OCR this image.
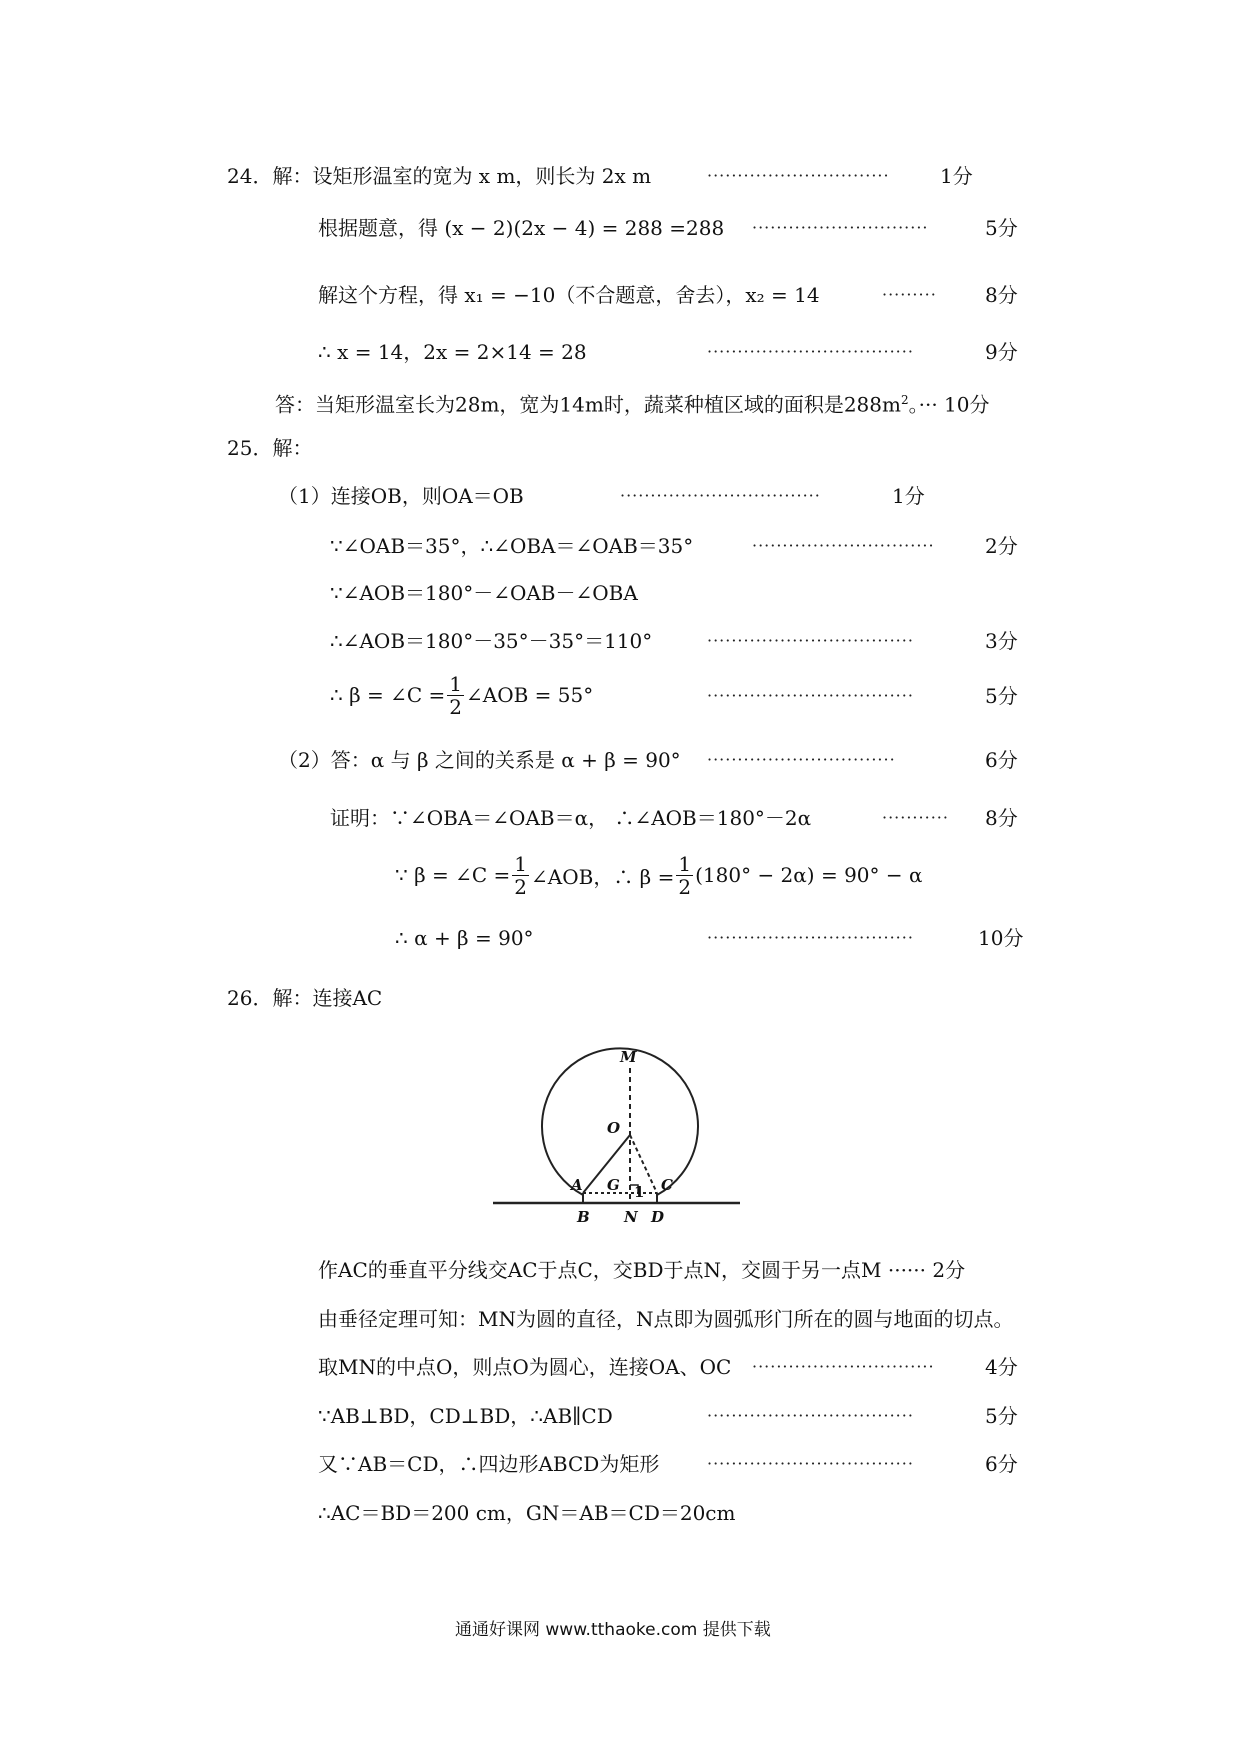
24．解：设矩形温室的宽为 x m，则长为 2x m	······························	1分
根据题意，得 (x − 2)(2x − 4) = 288 =288 ·····························	5分
解这个方程，得 x₁ = −10（不合题意，舍去），x₂ = 14	········· 8分
∴ x = 14，2x = 2×14 = 28	··································	9分
答：当矩形温室长为28m，宽为14m时，蔬菜种植区域的面积是$288m^2$。··· 10分
25．解：
（1）连接OB，则OA＝OB	·································	1分
∵∠OAB＝35°，∴∠OBA＝∠OAB＝35°	······························	2分
∵∠AOB＝180°－∠OAB－∠OBA
∴∠AOB＝180°－35°－35°＝110°	··································	3分
∴ β = ∠C = $\frac{1}{2}$ ∠AOB = 55°	··································	5分
（2）答：α 与 β 之间的关系是 α + β = 90° ·······························	6分
证明：∵∠OBA＝∠OAB＝α， ∴∠AOB＝180°－2α	··········· 8分
∵ β = ∠C = $\frac{1}{2}$ ∠AOB，∴ $\beta = \frac{1}{2} (180^\circ - 2\alpha) = 90^\circ - \alpha$
∴ α + β = 90°	··································	10分
26．解：连接AC
M
O
A G	C
1
B N D
作AC的垂直平分线交AC于点C，交BD于点N，交圆于另一点M ······ 2分
由垂径定理可知：MN为圆的直径，N点即为圆弧形门所在的圆与地面的切点。
取MN的中点O，则点O为圆心，连接OA、OC ······························	4分
∵AB⊥BD，CD⊥BD，∴AB∥CD	··································	5分
又∵AB＝CD，∴四边形ABCD为矩形	··································	6分
∴AC＝BD＝200 cm，GN＝AB＝CD＝20cm
通通好课网 www.tthaoke.com 提供下载
